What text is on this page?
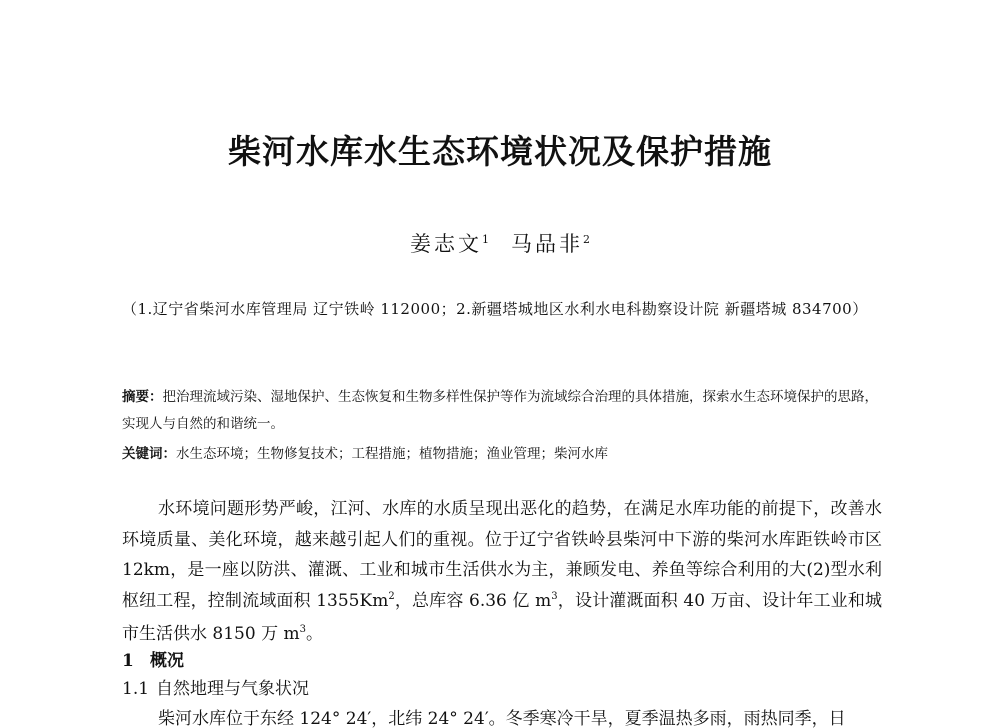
柴河水库水生态环境状况及保护措施
姜志文$^1$ 马品非$^2$
（1.辽宁省柴河水库管理局 辽宁铁岭 112000；2.新疆塔城地区水利水电科勘察设计院 新疆塔城 834700）
摘要：把治理流域污染、湿地保护、生态恢复和生物多样性保护等作为流域综合治理的具体措施，探索水生态环境保护的思路，实现人与自然的和谐统一。
关键词：水生态环境；生物修复技术；工程措施；植物措施；渔业管理；柴河水库
水环境问题形势严峻，江河、水库的水质呈现出恶化的趋势，在满足水库功能的前提下，改善水环境质量、美化环境，越来越引起人们的重视。位于辽宁省铁岭县柴河中下游的柴河水库距铁岭市区 12km，是一座以防洪、灌溉、工业和城市生活供水为主，兼顾发电、养鱼等综合利用的大(2)型水利枢纽工程，控制流域面积 1355Km$^2$，总库容 6.36 亿 $m^3$，设计灌溉面积 40 万亩、设计年工业和城市生活供水 8150 万 $m^3$。
1 概况
1.1 自然地理与气象状况
柴河水库位于东经 124° 24′，北纬 24° 24′。冬季寒冷干旱，夏季温热多雨，雨热同季，日
